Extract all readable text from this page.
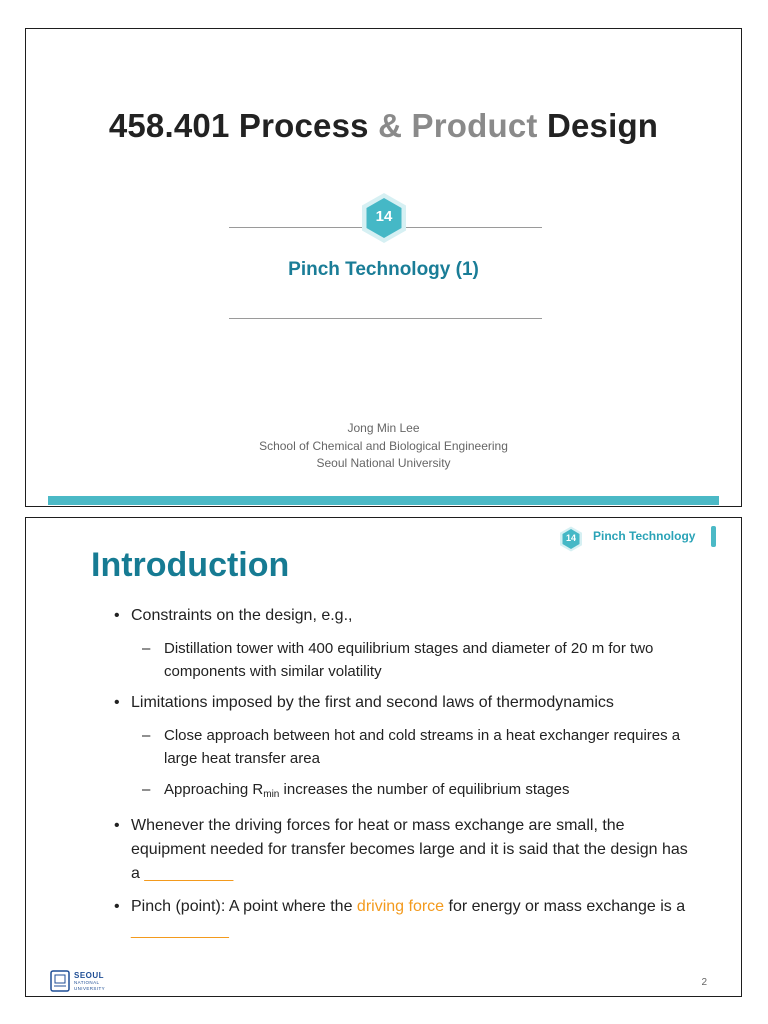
458.401 Process & Product Design
14
Pinch Technology (1)
Jong Min Lee
School of Chemical and Biological Engineering
Seoul National University
14	Pinch Technology
Introduction
• Constraints on the design, e.g.,
– Distillation tower with 400 equilibrium stages and diameter of 20 m for two components with similar volatility
• Limitations imposed by the first and second laws of thermodynamics
– Close approach between hot and cold streams in a heat exchanger requires a large heat transfer area
– Approaching $R_{min}$ increases the number of equilibrium stages
• Whenever the driving forces for heat or mass exchange are small, the equipment needed for transfer becomes large and it is said that the design has a __________
• Pinch (point): A point where the driving force for energy or mass exchange is a ___________
SEOUL
NATIONAL
UNIVERSITY
2
